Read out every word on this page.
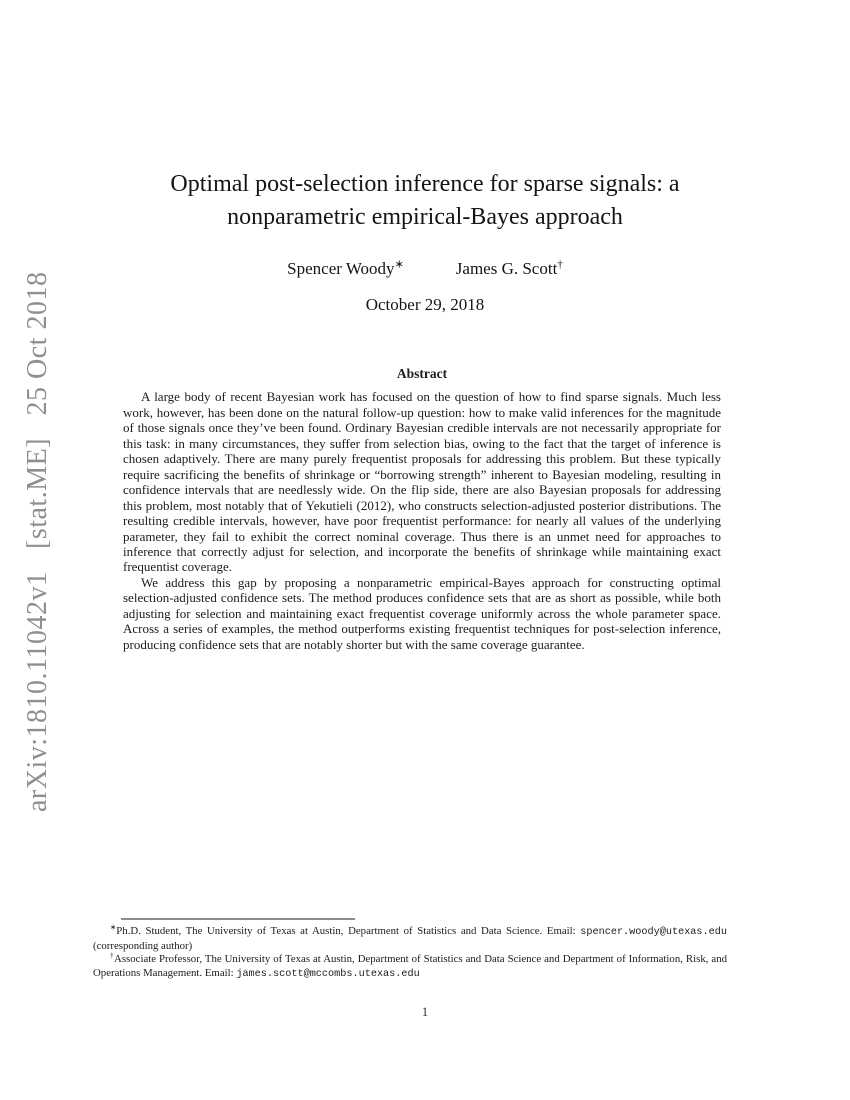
arXiv:1810.11042v1   [stat.ME]   25 Oct 2018
Optimal post-selection inference for sparse signals: a
nonparametric empirical-Bayes approach
Spencer Woody∗	James G. Scott†
October 29, 2018
Abstract

A large body of recent Bayesian work has focused on the question of how to find sparse signals. Much less work, however, has been done on the natural follow-up question: how to make valid inferences for the magnitude of those signals once they’ve been found. Ordinary Bayesian credible intervals are not necessarily appropriate for this task: in many circumstances, they suffer from selection bias, owing to the fact that the target of inference is chosen adaptively. There are many purely frequentist proposals for addressing this problem. But these typically require sacrificing the benefits of shrinkage or “borrowing strength” inherent to Bayesian modeling, resulting in confidence intervals that are needlessly wide. On the flip side, there are also Bayesian proposals for addressing this problem, most notably that of Yekutieli (2012), who constructs selection-adjusted posterior distributions. The resulting credible intervals, however, have poor frequentist performance: for nearly all values of the underlying parameter, they fail to exhibit the correct nominal coverage. Thus there is an unmet need for approaches to inference that correctly adjust for selection, and incorporate the benefits of shrinkage while maintaining exact frequentist coverage.

We address this gap by proposing a nonparametric empirical-Bayes approach for constructing optimal selection-adjusted confidence sets. The method produces confidence sets that are as short as possible, while both adjusting for selection and maintaining exact frequentist coverage uniformly across the whole parameter space. Across a series of examples, the method outperforms existing frequentist techniques for post-selection inference, producing confidence sets that are notably shorter but with the same coverage guarantee.

∗Ph.D. Student, The University of Texas at Austin, Department of Statistics and Data Science. Email: spencer.woody@utexas.edu (corresponding author)

†Associate Professor, The University of Texas at Austin, Department of Statistics and Data Science and Department of Information, Risk, and Operations Management. Email: james.scott@mccombs.utexas.edu

1
